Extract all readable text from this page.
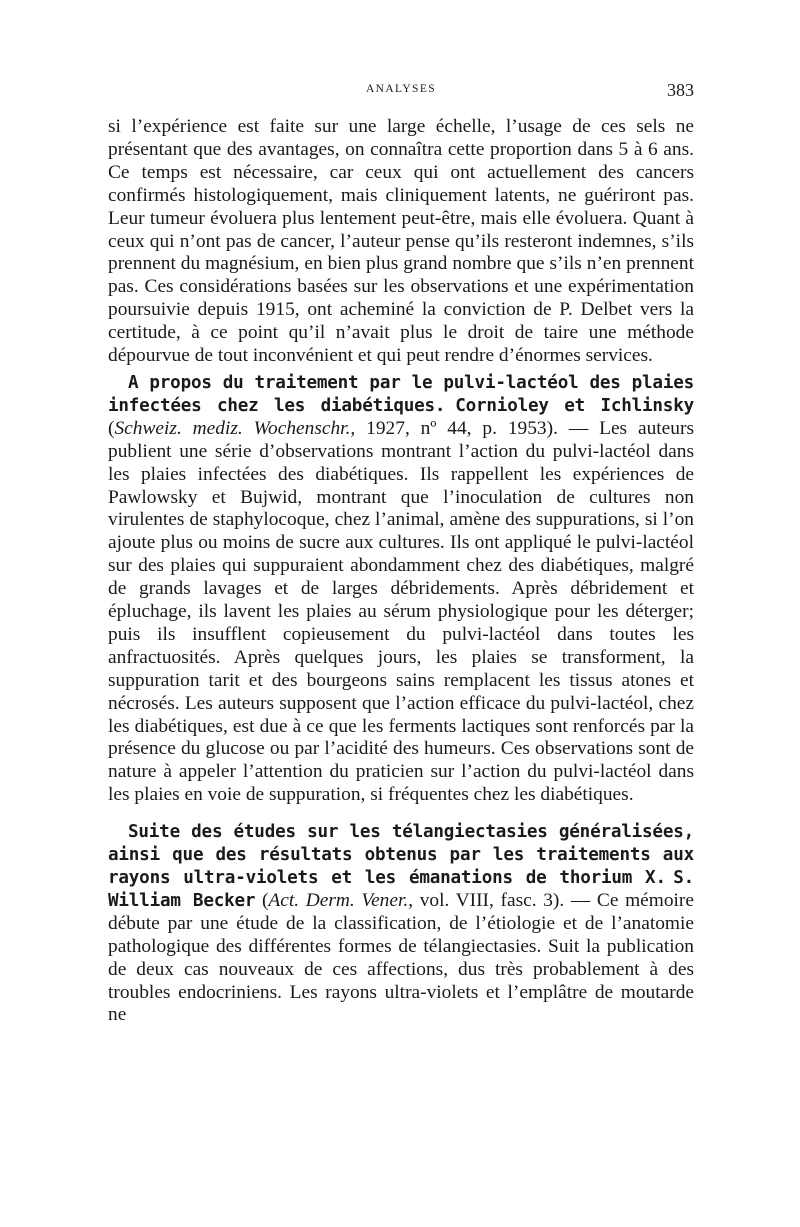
ANALYSES	383

si l’expérience est faite sur une large échelle, l’usage de ces sels ne présentant que des avantages, on connaîtra cette proportion dans 5 à 6 ans. Ce temps est nécessaire, car ceux qui ont actuellement des cancers confirmés histologiquement, mais cliniquement latents, ne guériront pas. Leur tumeur évoluera plus lentement peut-être, mais elle évoluera. Quant à ceux qui n’ont pas de cancer, l’auteur pense qu’ils resteront indemnes, s’ils prennent du magnésium, en bien plus grand nombre que s’ils n’en prennent pas. Ces considérations basées sur les observations et une expérimentation poursuivie depuis 1915, ont acheminé la conviction de P. Delbet vers la certitude, à ce point qu’il n’avait plus le droit de taire une méthode dépourvue de tout inconvénient et qui peut rendre d’énormes services.

A propos du traitement par le pulvi-lactéol des plaies infectées chez les diabétiques. Cornioley et Ichlinsky (Schweiz. mediz. Wochenschr., 1927, nº 44, p. 1953). — Les auteurs publient une série d’observations montrant l’action du pulvi-lactéol dans les plaies infectées des diabétiques. Ils rappellent les expériences de Pawlowsky et Bujwid, montrant que l’inoculation de cultures non virulentes de staphylocoque, chez l’animal, amène des suppurations, si l’on ajoute plus ou moins de sucre aux cultures. Ils ont appliqué le pulvi-lactéol sur des plaies qui suppuraient abondamment chez des diabétiques, malgré de grands lavages et de larges débridements. Après débridement et épluchage, ils lavent les plaies au sérum physiologique pour les déterger; puis ils insufflent copieusement du pulvi-lactéol dans toutes les anfractuosités. Après quelques jours, les plaies se transforment, la suppuration tarit et des bourgeons sains remplacent les tissus atones et nécrosés. Les auteurs supposent que l’action efficace du pulvi-lactéol, chez les diabétiques, est due à ce que les ferments lactiques sont renforcés par la présence du glucose ou par l’acidité des humeurs. Ces observations sont de nature à appeler l’attention du praticien sur l’action du pulvi-lactéol dans les plaies en voie de suppuration, si fréquentes chez les diabétiques.

Suite des études sur les télangiectasies généralisées, ainsi que des résultats obtenus par les traitements aux rayons ultra-violets et les émanations de thorium X. S. William Becker (Act. Derm. Vener., vol. VIII, fasc. 3). — Ce mémoire débute par une étude de la classification, de l’étiologie et de l’anatomie pathologique des différentes formes de télangiectasies. Suit la publication de deux cas nouveaux de ces affections, dus très probablement à des troubles endocriniens. Les rayons ultra-violets et l’emplâtre de moutarde ne
